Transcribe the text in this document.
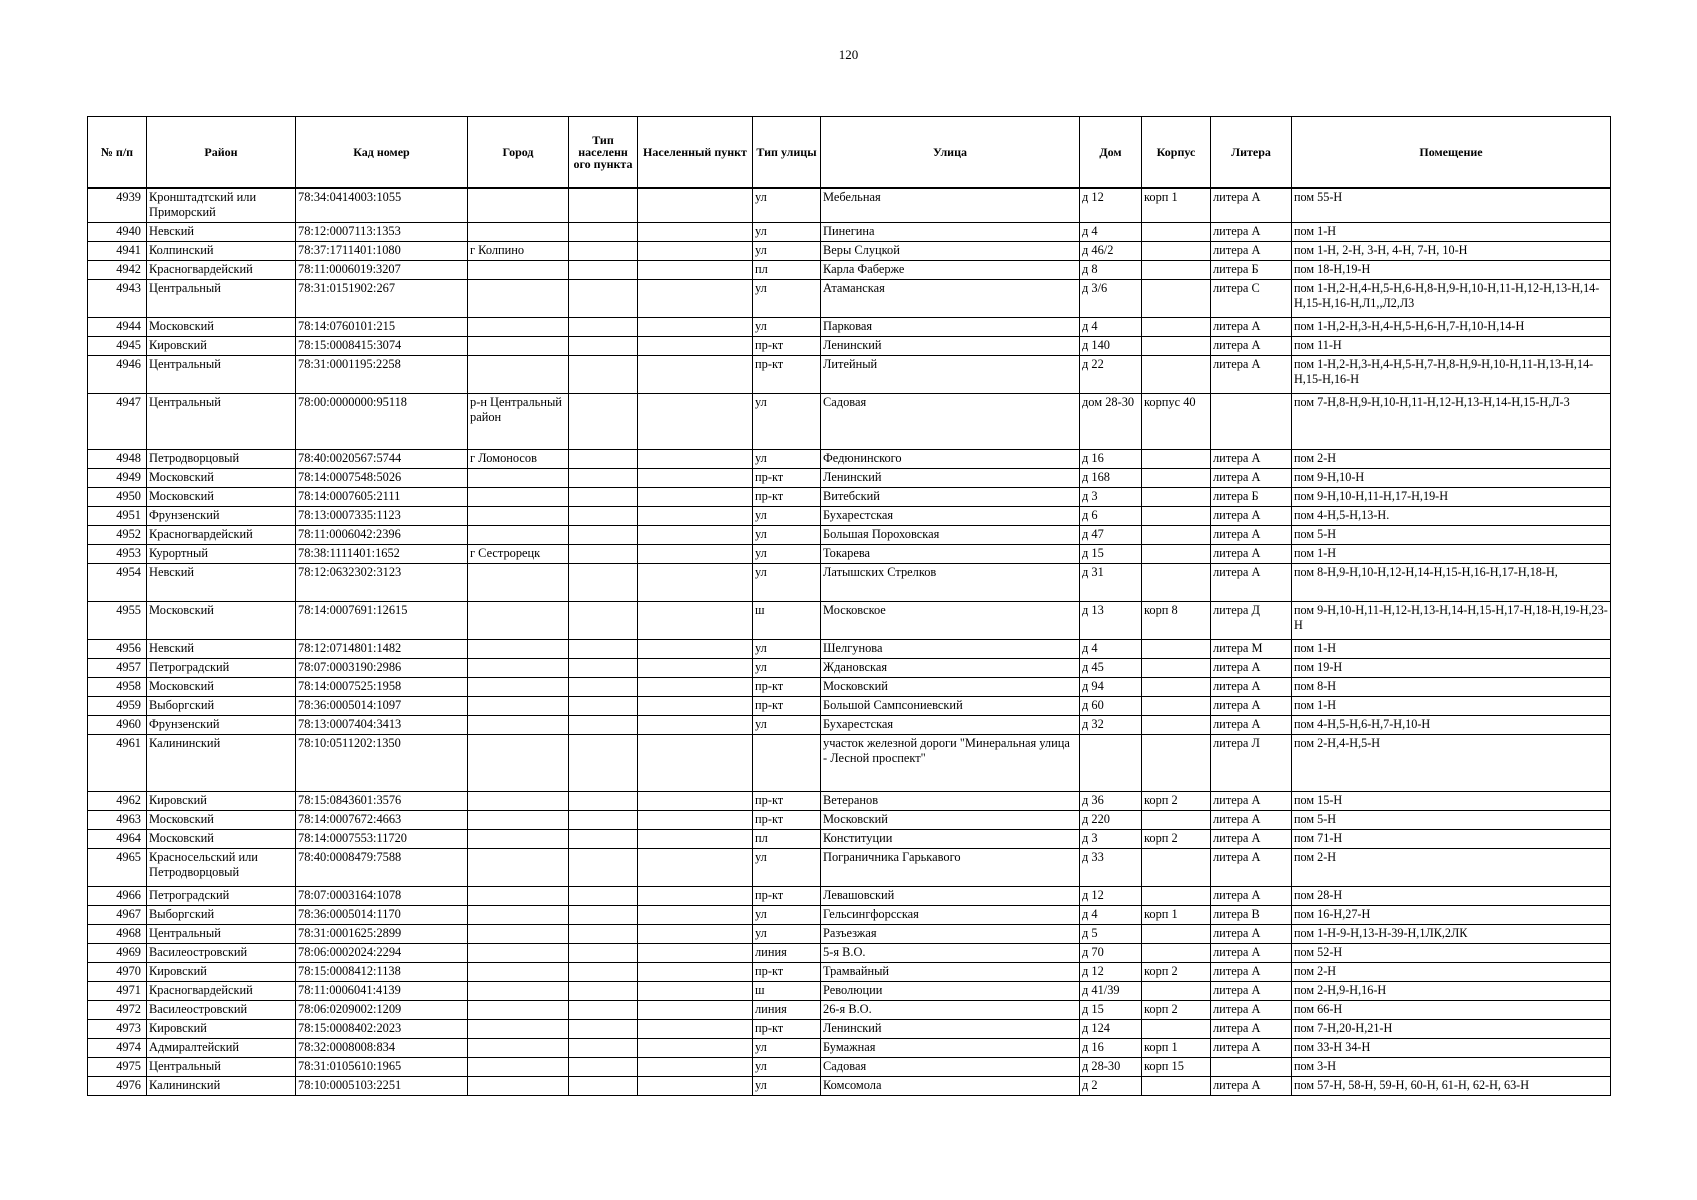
120
№ п/п	Район	Кад номер	Город	Тип населенн ого пункта	Населенный пункт	Тип улицы	Улица	Дом	Корпус	Литера	Помещение
4939	Кронштадтский или Приморский	78:34:0414003:1055				ул	Мебельная	д 12	корп 1	литера А	пом 55-Н
4940	Невский	78:12:0007113:1353				ул	Пинегина	д 4		литера А	пом 1-Н
4941	Колпинский	78:37:1711401:1080	г Колпино			ул	Веры Слуцкой	д 46/2		литера А	пом 1-Н, 2-Н, 3-Н, 4-Н, 7-Н, 10-Н
4942	Красногвардейский	78:11:0006019:3207				пл	Карла Фаберже	д 8		литера Б	пом 18-Н,19-Н
4943	Центральный	78:31:0151902:267				ул	Атаманская	д 3/6		литера С	пом 1-Н,2-Н,4-Н,5-Н,6-Н,8-Н,9-Н,10-Н,11-Н,12-Н,13-Н,14-Н,15-Н,16-Н,Л1,,Л2,Л3
4944	Московский	78:14:0760101:215				ул	Парковая	д 4		литера А	пом 1-Н,2-Н,3-Н,4-Н,5-Н,6-Н,7-Н,10-Н,14-Н
4945	Кировский	78:15:0008415:3074				пр-кт	Ленинский	д 140		литера А	пом 11-Н
4946	Центральный	78:31:0001195:2258				пр-кт	Литейный	д 22		литера А	пом 1-Н,2-Н,3-Н,4-Н,5-Н,7-Н,8-Н,9-Н,10-Н,11-Н,13-Н,14-Н,15-Н,16-Н
4947	Центральный	78:00:0000000:95118	р-н Центральный район			ул	Садовая	дом 28-30	корпус 40		пом 7-Н,8-Н,9-Н,10-Н,11-Н,12-Н,13-Н,14-Н,15-Н,Л-3
4948	Петродворцовый	78:40:0020567:5744	г Ломоносов			ул	Федюнинского	д 16		литера А	пом 2-Н
4949	Московский	78:14:0007548:5026				пр-кт	Ленинский	д 168		литера А	пом 9-Н,10-Н
4950	Московский	78:14:0007605:2111				пр-кт	Витебский	д 3		литера Б	пом 9-Н,10-Н,11-Н,17-Н,19-Н
4951	Фрунзенский	78:13:0007335:1123				ул	Бухарестская	д 6		литера А	пом 4-Н,5-Н,13-Н.
4952	Красногвардейский	78:11:0006042:2396				ул	Большая Пороховская	д 47		литера А	пом 5-Н
4953	Курортный	78:38:1111401:1652	г Сестрорецк			ул	Токарева	д 15		литера А	пом 1-Н
4954	Невский	78:12:0632302:3123				ул	Латышских Стрелков	д 31		литера А	пом 8-Н,9-Н,10-Н,12-Н,14-Н,15-Н,16-Н,17-Н,18-Н,
4955	Московский	78:14:0007691:12615				ш	Московское	д 13	корп 8	литера Д	пом 9-Н,10-Н,11-Н,12-Н,13-Н,14-Н,15-Н,17-Н,18-Н,19-Н,23-Н
4956	Невский	78:12:0714801:1482				ул	Шелгунова	д 4		литера М	пом 1-Н
4957	Петроградский	78:07:0003190:2986				ул	Ждановская	д 45		литера А	пом 19-Н
4958	Московский	78:14:0007525:1958				пр-кт	Московский	д 94		литера А	пом 8-Н
4959	Выборгский	78:36:0005014:1097				пр-кт	Большой Сампсониевский	д 60		литера А	пом 1-Н
4960	Фрунзенский	78:13:0007404:3413				ул	Бухарестская	д 32		литера А	пом 4-Н,5-Н,6-Н,7-Н,10-Н
4961	Калининский	78:10:0511202:1350					участок железной дороги "Минеральная улица - Лесной проспект"			литера Л	пом 2-Н,4-Н,5-Н
4962	Кировский	78:15:0843601:3576				пр-кт	Ветеранов	д 36	корп 2	литера А	пом 15-Н
4963	Московский	78:14:0007672:4663				пр-кт	Московский	д 220		литера А	пом 5-Н
4964	Московский	78:14:0007553:11720				пл	Конституции	д 3	корп 2	литера А	пом 71-Н
4965	Красносельский или Петродворцовый	78:40:0008479:7588				ул	Пограничника Гарькавого	д 33		литера А	пом 2-Н
4966	Петроградский	78:07:0003164:1078				пр-кт	Левашовский	д 12		литера А	пом 28-Н
4967	Выборгский	78:36:0005014:1170				ул	Гельсингфорсская	д 4	корп 1	литера В	пом 16-Н,27-Н
4968	Центральный	78:31:0001625:2899				ул	Разъезжая	д 5		литера А	пом 1-Н-9-Н,13-Н-39-Н,1ЛК,2ЛК
4969	Василеостровский	78:06:0002024:2294				линия	5-я В.О.	д 70		литера А	пом 52-Н
4970	Кировский	78:15:0008412:1138				пр-кт	Трамвайный	д 12	корп 2	литера А	пом 2-Н
4971	Красногвардейский	78:11:0006041:4139				ш	Революции	д 41/39		литера А	пом 2-Н,9-Н,16-Н
4972	Василеостровский	78:06:0209002:1209				линия	26-я В.О.	д 15	корп 2	литера А	пом 66-Н
4973	Кировский	78:15:0008402:2023				пр-кт	Ленинский	д 124		литера А	пом 7-Н,20-Н,21-Н
4974	Адмиралтейский	78:32:0008008:834				ул	Бумажная	д 16	корп 1	литера А	пом 33-Н 34-Н
4975	Центральный	78:31:0105610:1965				ул	Садовая	д 28-30	корп 15		пом 3-Н
4976	Калининский	78:10:0005103:2251				ул	Комсомола	д 2		литера А	пом 57-Н, 58-Н, 59-Н, 60-Н, 61-Н, 62-Н, 63-Н
